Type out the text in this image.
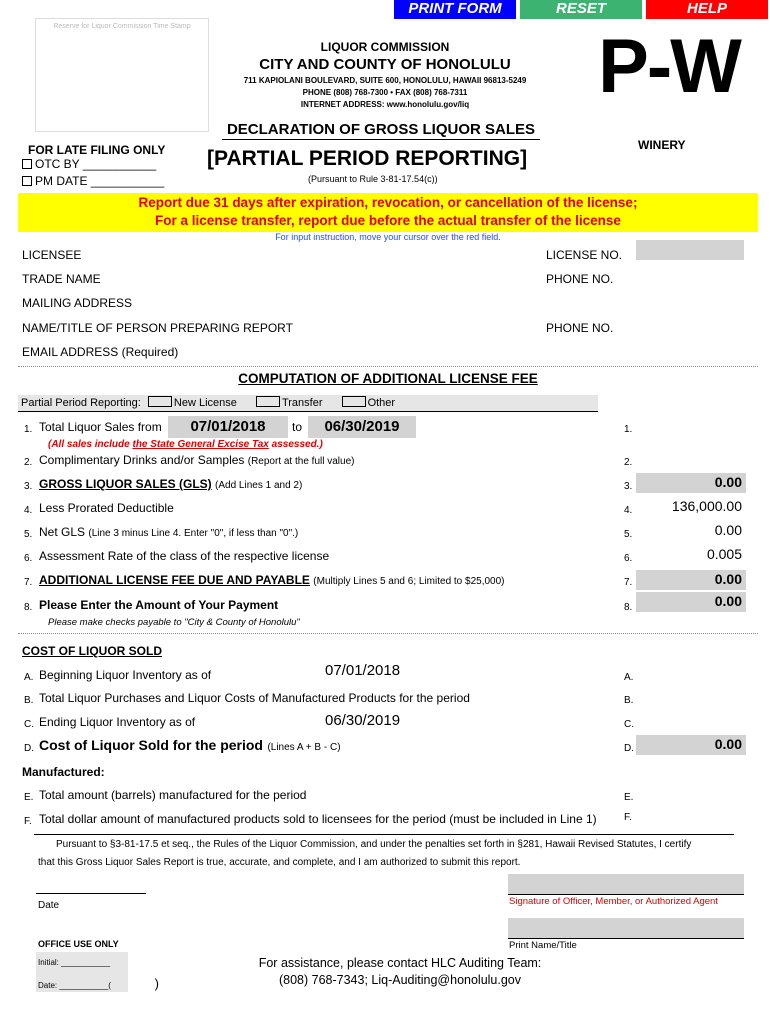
PRINT FORM	RESET	HELP
Reserve for Liquor Commission Time Stamp
LIQUOR COMMISSION
CITY AND COUNTY OF HONOLULU
711 KAPIOLANI BOULEVARD, SUITE 600, HONOLULU, HAWAII 96813-5249
PHONE (808) 768-7300 • FAX (808) 768-7311
INTERNET ADDRESS: www.honolulu.gov/liq	P-W
DECLARATION OF GROSS LIQUOR SALES
WINERY
FOR LATE FILING ONLY
OTC BY ___________
PM DATE ___________
[PARTIAL PERIOD REPORTING]
(Pursuant to Rule 3-81-17.54(c))
Report due 31 days after expiration, revocation, or cancellation of the license;
For a license transfer, report due before the actual transfer of the license
For input instruction, move your cursor over the red field.
LICENSEE	LICENSE NO.
TRADE NAME	PHONE NO.
MAILING ADDRESS
NAME/TITLE OF PERSON PREPARING REPORT	PHONE NO.
EMAIL ADDRESS (Required)
COMPUTATION OF ADDITIONAL LICENSE FEE
Partial Period Reporting:	New License	Transfer	Other
1. Total Liquor Sales from	07/01/2018	to	06/30/2019	1.
(All sales include the State General Excise Tax assessed.)
2. Complimentary Drinks and/or Samples (Report at the full value)	2.
3. GROSS LIQUOR SALES (GLS) (Add Lines 1 and 2)	3.	0.00
4. Less Prorated Deductible	4.	136,000.00
5. Net GLS (Line 3 minus Line 4. Enter "0", if less than "0".)	5.	0.00
6. Assessment Rate of the class of the respective license	6.	0.005
7. ADDITIONAL LICENSE FEE DUE AND PAYABLE (Multiply Lines 5 and 6; Limited to $25,000)	7.	0.00
8. Please Enter the Amount of Your Payment	8.	0.00
Please make checks payable to "City & County of Honolulu"
COST OF LIQUOR SOLD
A. Beginning Liquor Inventory as of	07/01/2018	A.
B. Total Liquor Purchases and Liquor Costs of Manufactured Products for the period	B.
C. Ending Liquor Inventory as of	06/30/2019	C.
D. Cost of Liquor Sold for the period (Lines A + B - C)	D.	0.00
Manufactured:
E. Total amount (barrels) manufactured for the period	E.
F. Total dollar amount of manufactured products sold to licensees for the period (must be included in Line 1)	F.
Pursuant to §3-81-17.5 et seq., the Rules of the Liquor Commission, and under the penalties set forth in §281, Hawaii Revised Statutes, I certify
that this Gross Liquor Sales Report is true, accurate, and complete, and I am authorized to submit this report.
Date	Signature of Officer, Member, or Authorized Agent
Print Name/Title
OFFICE USE ONLY
Initial: ___________
Date: ___________(	)
For assistance, please contact HLC Auditing Team:
(808) 768-7343; Liq-Auditing@honolulu.gov
